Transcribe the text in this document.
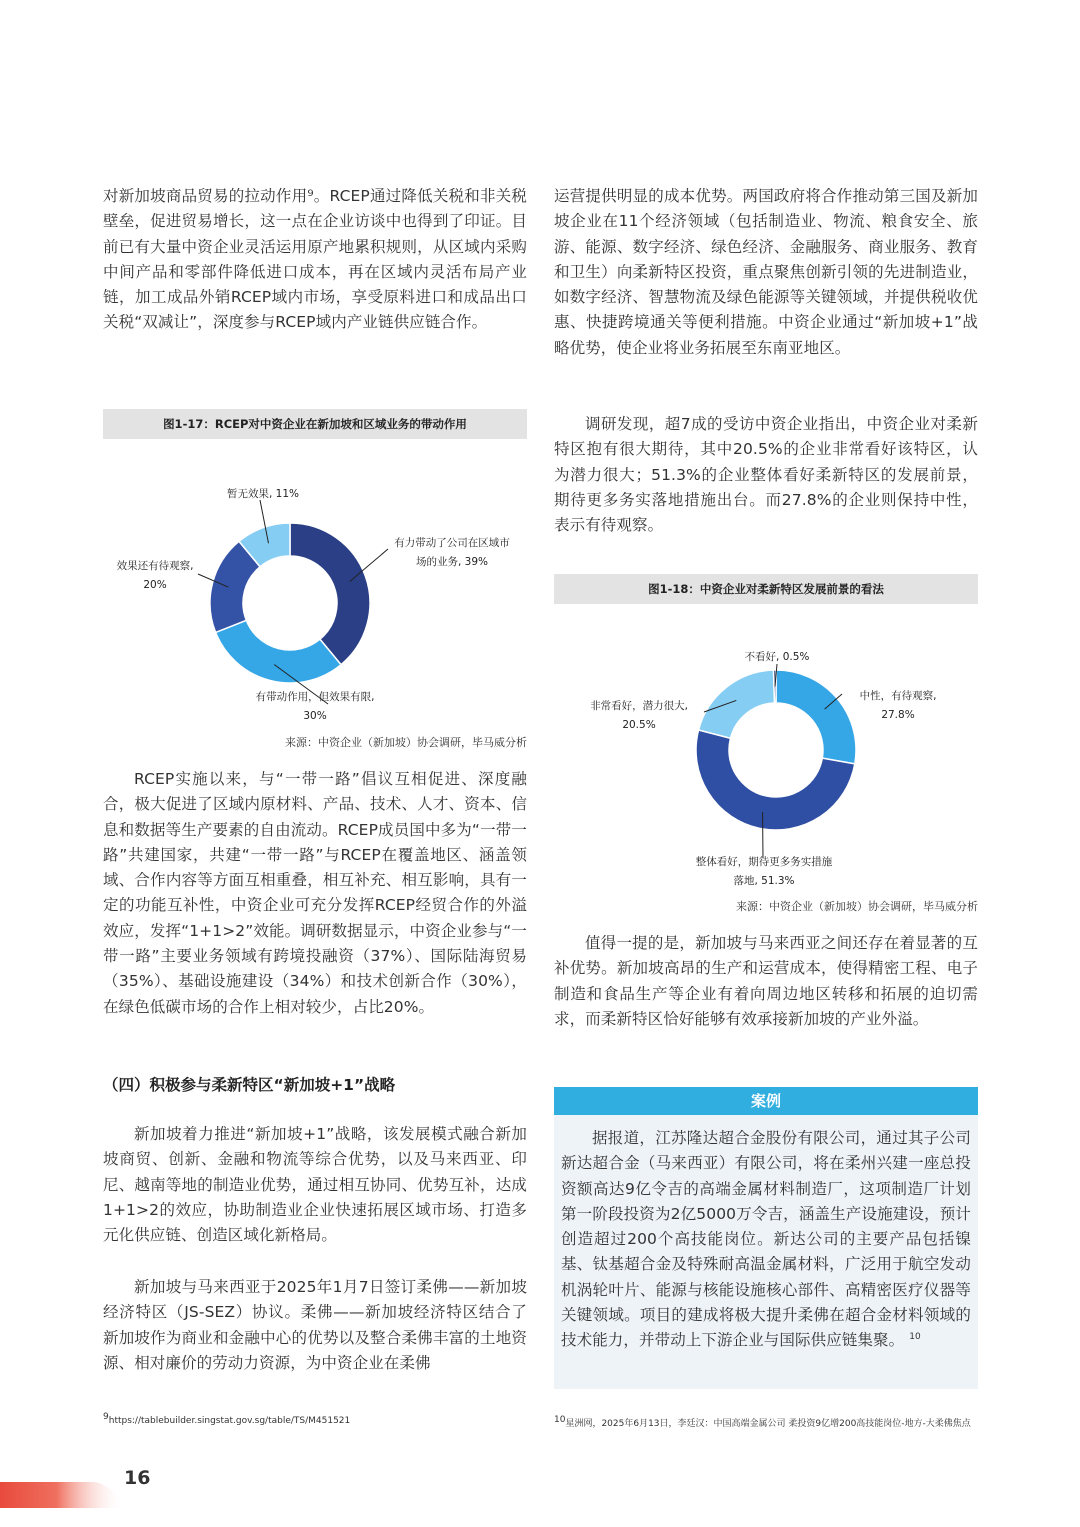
对新加坡商品贸易的拉动作用⁹。RCEP通过降低关税和非关税壁垒，促进贸易增长，这一点在企业访谈中也得到了印证。目前已有大量中资企业灵活运用原产地累积规则，从区域内采购中间产品和零部件降低进口成本，再在区域内灵活布局产业链，加工成品外销RCEP域内市场，享受原料进口和成品出口关税“双减让”，深度参与RCEP域内产业链供应链合作。

图1-17：RCEP对中资企业在新加坡和区域业务的带动作用
有力带动了公司在区域市
场的业务, 39%
有带动作用，但效果有限,
30%
效果还有待观察,
20%
暂无效果, 11%
来源：中资企业（新加坡）协会调研，毕马威分析

RCEP实施以来，与“一带一路”倡议互相促进、深度融合，极大促进了区域内原材料、产品、技术、人才、资本、信息和数据等生产要素的自由流动。RCEP成员国中多为“一带一路”共建国家，共建“一带一路”与RCEP在覆盖地区、涵盖领域、合作内容等方面互相重叠，相互补充、相互影响，具有一定的功能互补性，中资企业可充分发挥RCEP经贸合作的外溢效应，发挥“1+1>2”效能。调研数据显示，中资企业参与“一带一路”主要业务领域有跨境投融资（37%）、国际陆海贸易（35%）、基础设施建设（34%）和技术创新合作（30%），在绿色低碳市场的合作上相对较少，占比20%。

（四）积极参与柔新特区“新加坡+1”战略

新加坡着力推进“新加坡+1”战略，该发展模式融合新加坡商贸、创新、金融和物流等综合优势，以及马来西亚、印尼、越南等地的制造业优势，通过相互协同、优势互补，达成1+1>2的效应，协助制造业企业快速拓展区域市场、打造多元化供应链、创造区域化新格局。

新加坡与马来西亚于2025年1月7日签订柔佛——新加坡经济特区（JS-SEZ）协议。柔佛——新加坡经济特区结合了新加坡作为商业和金融中心的优势以及整合柔佛丰富的土地资源、相对廉价的劳动力资源，为中资企业在柔佛

运营提供明显的成本优势。两国政府将合作推动第三国及新加坡企业在11个经济领域（包括制造业、物流、粮食安全、旅游、能源、数字经济、绿色经济、金融服务、商业服务、教育和卫生）向柔新特区投资，重点聚焦创新引领的先进制造业，如数字经济、智慧物流及绿色能源等关键领域，并提供税收优惠、快捷跨境通关等便利措施。中资企业通过“新加坡+1”战略优势，使企业将业务拓展至东南亚地区。

调研发现，超7成的受访中资企业指出，中资企业对柔新特区抱有很大期待，其中20.5%的企业非常看好该特区，认为潜力很大；51.3%的企业整体看好柔新特区的发展前景，期待更多务实落地措施出台。而27.8%的企业则保持中性，表示有待观察。

图1-18：中资企业对柔新特区发展前景的看法
中性，有待观察,
27.8%
整体看好，期待更多务实措施
落地, 51.3%
非常看好，潜力很大,
20.5%
不看好, 0.5%
来源：中资企业（新加坡）协会调研，毕马威分析

值得一提的是，新加坡与马来西亚之间还存在着显著的互补优势。新加坡高昂的生产和运营成本，使得精密工程、电子制造和食品生产等企业有着向周边地区转移和拓展的迫切需求，而柔新特区恰好能够有效承接新加坡的产业外溢。

案例

据报道，江苏隆达超合金股份有限公司，通过其子公司新达超合金（马来西亚）有限公司，将在柔州兴建一座总投资额高达9亿令吉的高端金属材料制造厂，这项制造厂计划第一阶段投资为2亿5000万令吉，涵盖生产设施建设，预计创造超过200个高技能岗位。新达公司的主要产品包括镍基、钛基超合金及特殊耐高温金属材料，广泛用于航空发动机涡轮叶片、能源与核能设施核心部件、高精密医疗仪器等关键领域。项目的建成将极大提升柔佛在超合金材料领域的技术能力，并带动上下游企业与国际供应链集聚。 $^{10}$

$^9$https://tablebuilder.singstat.gov.sg/table/TS/M451521	$^{10}$星洲网，2025年6月13日，李廷汉：中国高端金属公司 柔投资9亿增200高技能岗位-地方-大柔佛焦点
16
